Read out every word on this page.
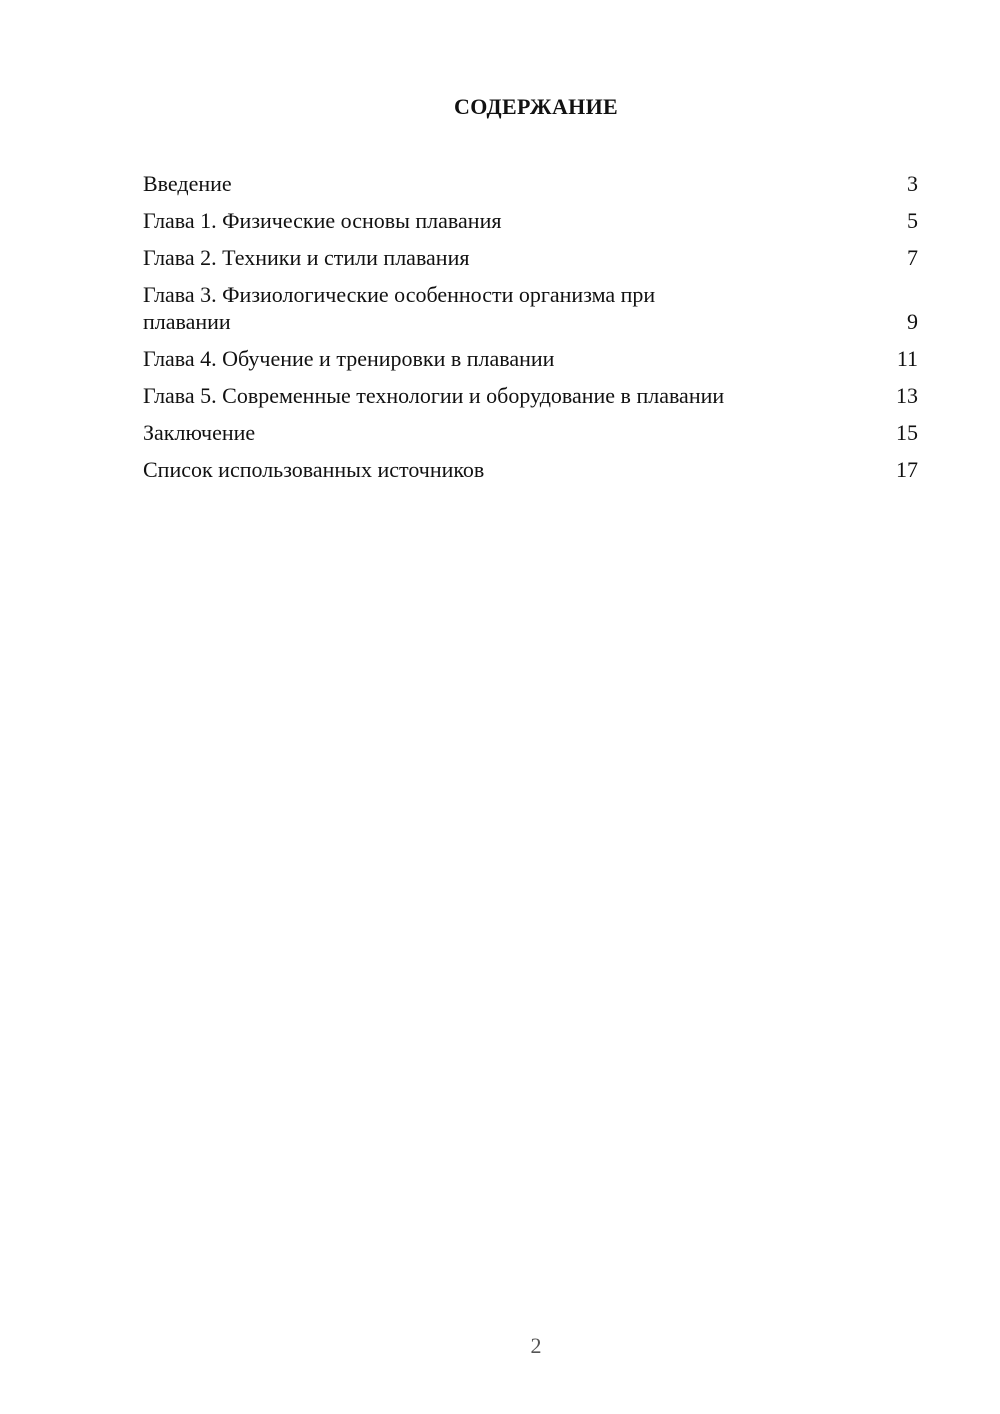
СОДЕРЖАНИЕ
Введение	3
Глава 1. Физические основы плавания	5
Глава 2. Техники и стили плавания	7
Глава 3. Физиологические особенности организма при плавании	9
Глава 4. Обучение и тренировки в плавании	11
Глава 5. Современные технологии и оборудование в плавании	13
Заключение	15
Список использованных источников	17
2
